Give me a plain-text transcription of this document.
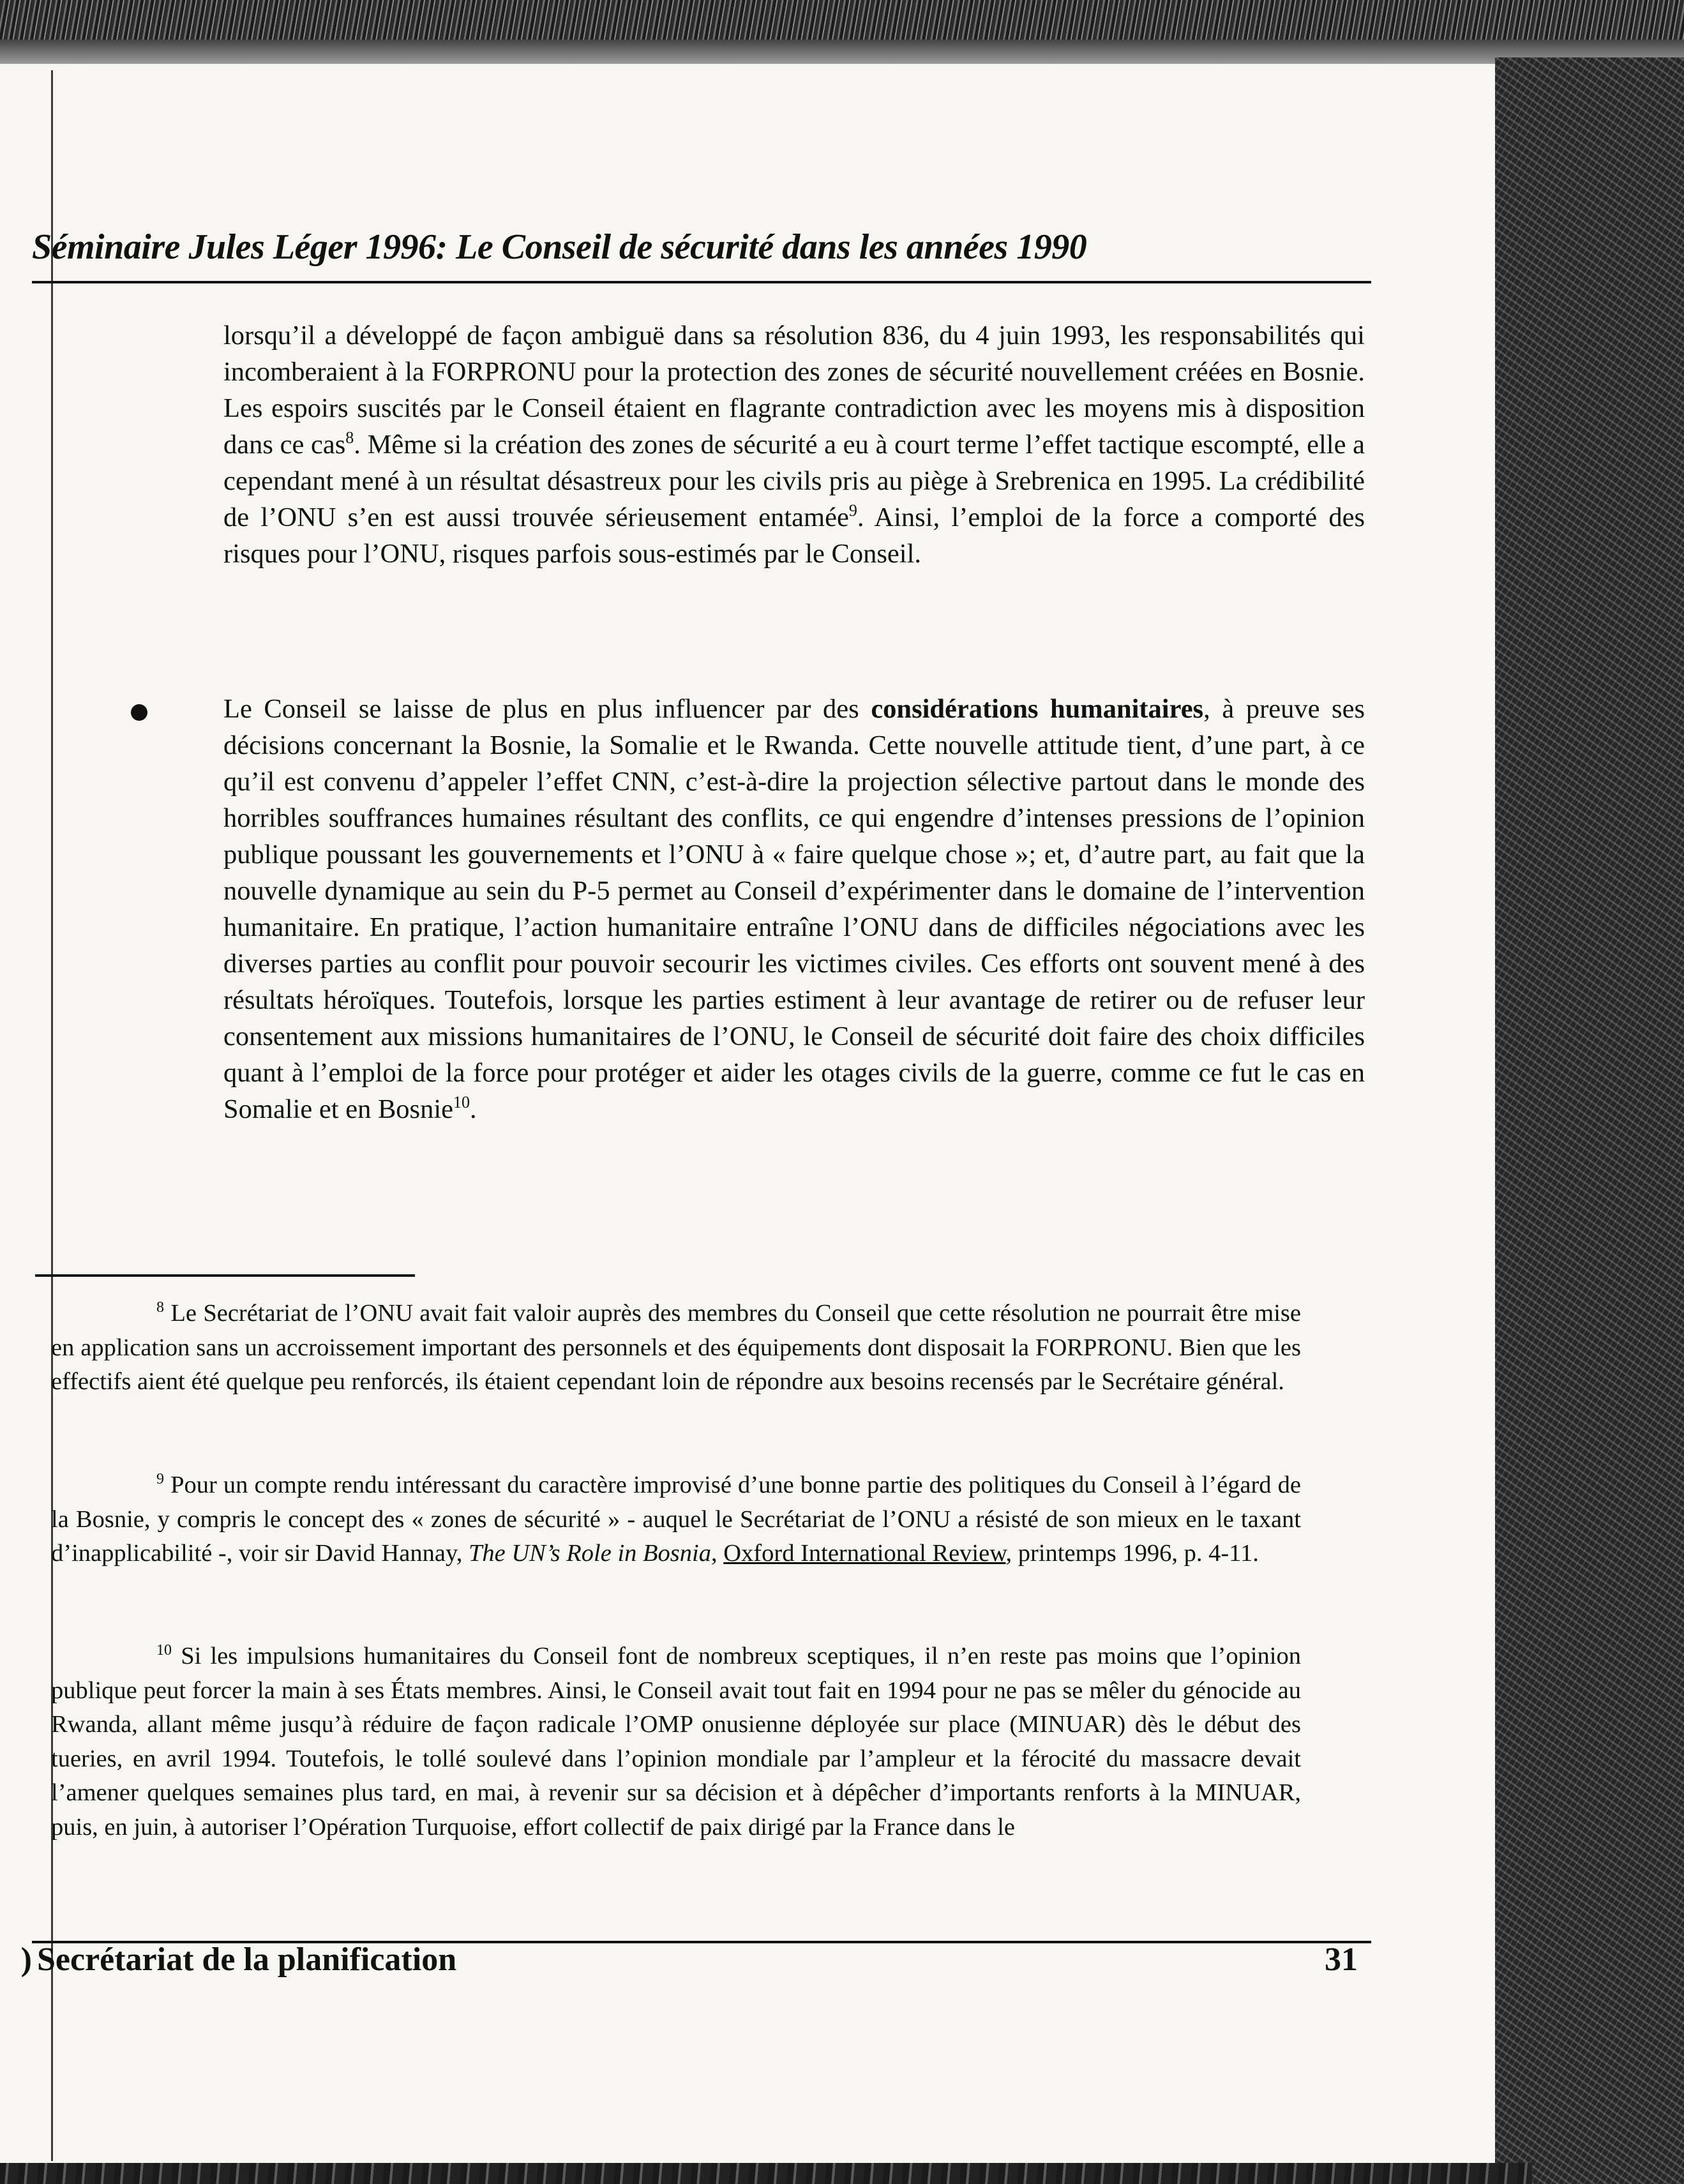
Séminaire Jules Léger 1996: Le Conseil de sécurité dans les années 1990
lorsqu’il a développé de façon ambiguë dans sa résolution 836, du 4 juin 1993, les responsabilités qui incomberaient à la FORPRONU pour la protection des zones de sécurité nouvellement créées en Bosnie. Les espoirs suscités par le Conseil étaient en flagrante contradiction avec les moyens mis à disposition dans ce cas$^8$. Même si la création des zones de sécurité a eu à court terme l’effet tactique escompté, elle a cependant mené à un résultat désastreux pour les civils pris au piège à Srebrenica en 1995. La crédibilité de l’ONU s’en est aussi trouvée sérieusement entamée$^9$. Ainsi, l’emploi de la force a comporté des risques pour l’ONU, risques parfois sous-estimés par le Conseil.
Le Conseil se laisse de plus en plus influencer par des considérations humanitaires, à preuve ses décisions concernant la Bosnie, la Somalie et le Rwanda. Cette nouvelle attitude tient, d’une part, à ce qu’il est convenu d’appeler l’effet CNN, c’est-à-dire la projection sélective partout dans le monde des horribles souffrances humaines résultant des conflits, ce qui engendre d’intenses pressions de l’opinion publique poussant les gouvernements et l’ONU à « faire quelque chose »; et, d’autre part, au fait que la nouvelle dynamique au sein du P-5 permet au Conseil d’expérimenter dans le domaine de l’intervention humanitaire. En pratique, l’action humanitaire entraîne l’ONU dans de difficiles négociations avec les diverses parties au conflit pour pouvoir secourir les victimes civiles. Ces efforts ont souvent mené à des résultats héroïques. Toutefois, lorsque les parties estiment à leur avantage de retirer ou de refuser leur consentement aux missions humanitaires de l’ONU, le Conseil de sécurité doit faire des choix difficiles quant à l’emploi de la force pour protéger et aider les otages civils de la guerre, comme ce fut le cas en Somalie et en Bosnie$^{10}$.
$^8$ Le Secrétariat de l’ONU avait fait valoir auprès des membres du Conseil que cette résolution ne pourrait être mise en application sans un accroissement important des personnels et des équipements dont disposait la FORPRONU. Bien que les effectifs aient été quelque peu renforcés, ils étaient cependant loin de répondre aux besoins recensés par le Secrétaire général.
$^9$ Pour un compte rendu intéressant du caractère improvisé d’une bonne partie des politiques du Conseil à l’égard de la Bosnie, y compris le concept des « zones de sécurité » - auquel le Secrétariat de l’ONU a résisté de son mieux en le taxant d’inapplicabilité -, voir sir David Hannay, The UN’s Role in Bosnia, Oxford International Review, printemps 1996, p. 4-11.
$^{10}$ Si les impulsions humanitaires du Conseil font de nombreux sceptiques, il n’en reste pas moins que l’opinion publique peut forcer la main à ses États membres. Ainsi, le Conseil avait tout fait en 1994 pour ne pas se mêler du génocide au Rwanda, allant même jusqu’à réduire de façon radicale l’OMP onusienne déployée sur place (MINUAR) dès le début des tueries, en avril 1994. Toutefois, le tollé soulevé dans l’opinion mondiale par l’ampleur et la férocité du massacre devait l’amener quelques semaines plus tard, en mai, à revenir sur sa décision et à dépêcher d’importants renforts à la MINUAR, puis, en juin, à autoriser l’Opération Turquoise, effort collectif de paix dirigé par la France dans le
) Secrétariat de la planification	31
